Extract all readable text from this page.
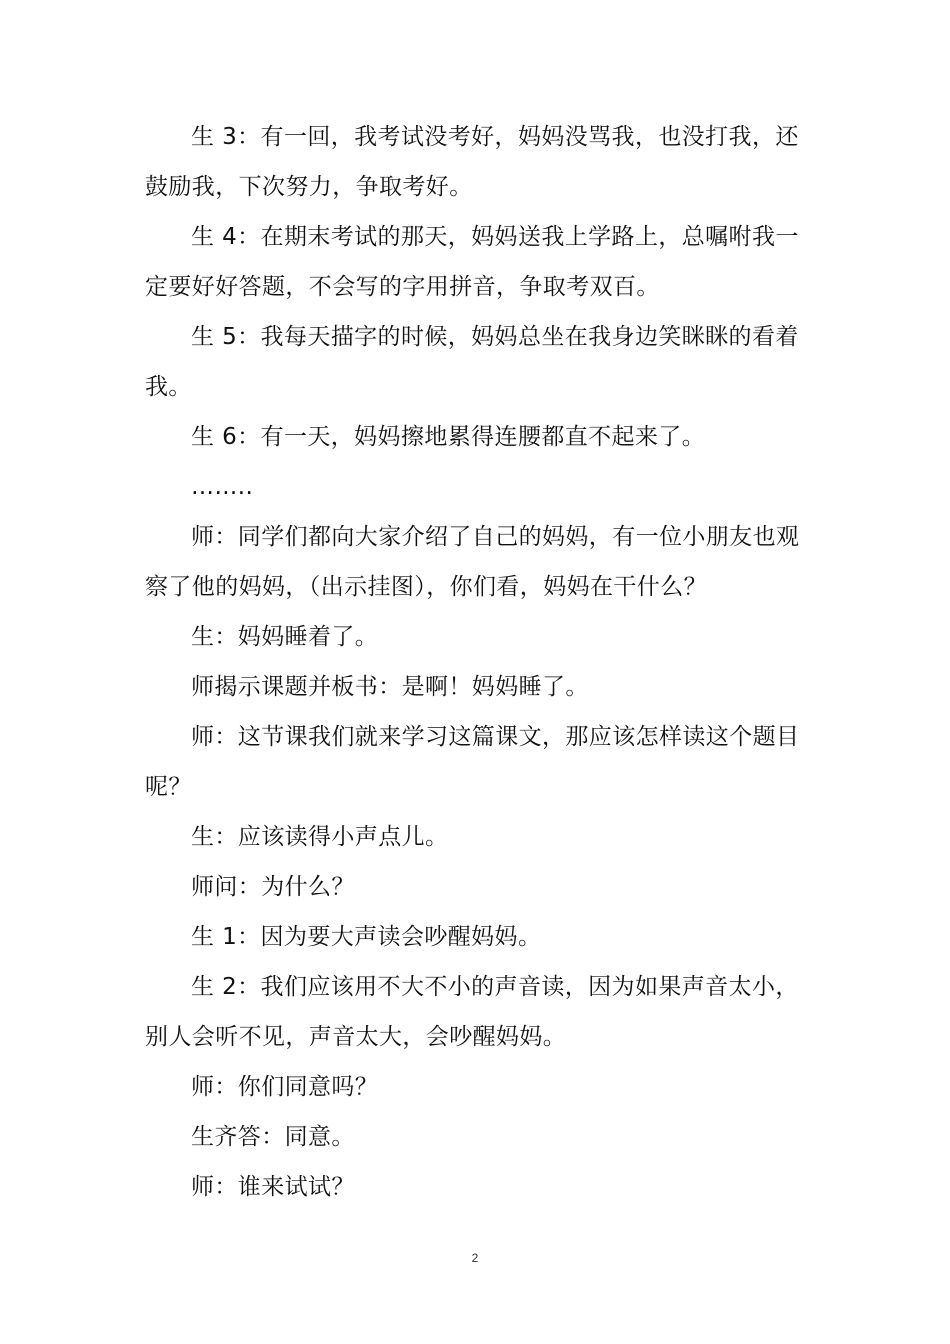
生 3：有一回，我考试没考好，妈妈没骂我，也没打我，还鼓励我，下次努力，争取考好。

生 4：在期末考试的那天，妈妈送我上学路上，总嘱咐我一定要好好答题，不会写的字用拼音，争取考双百。

生 5：我每天描字的时候，妈妈总坐在我身边笑眯眯的看着我。

生 6：有一天，妈妈擦地累得连腰都直不起来了。

……..

师：同学们都向大家介绍了自己的妈妈，有一位小朋友也观察了他的妈妈，（出示挂图），你们看，妈妈在干什么？

生：妈妈睡着了。

师揭示课题并板书：是啊！妈妈睡了。

师：这节课我们就来学习这篇课文，那应该怎样读这个题目呢？

生：应该读得小声点儿。

师问：为什么？

生 1：因为要大声读会吵醒妈妈。

生 2：我们应该用不大不小的声音读，因为如果声音太小，别人会听不见，声音太大，会吵醒妈妈。

师：你们同意吗？

生齐答：同意。

师：谁来试试？

2
